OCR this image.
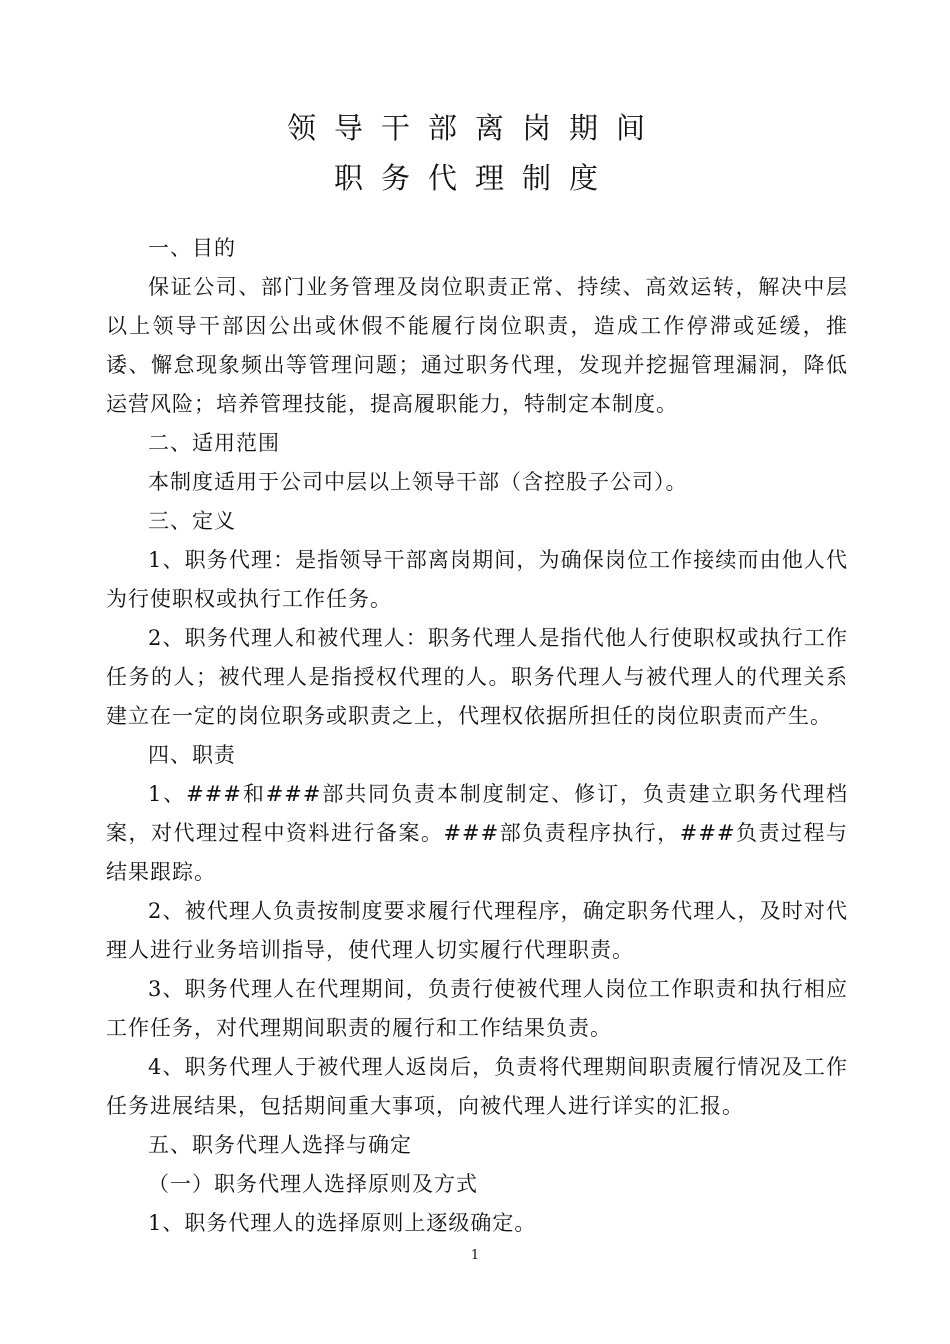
领导干部离岗期间
职务代理制度

一、目的

保证公司、部门业务管理及岗位职责正常、持续、高效运转，解决中层以上领导干部因公出或休假不能履行岗位职责，造成工作停滞或延缓，推诿、懈怠现象频出等管理问题；通过职务代理，发现并挖掘管理漏洞，降低运营风险；培养管理技能，提高履职能力，特制定本制度。

二、适用范围

本制度适用于公司中层以上领导干部（含控股子公司）。

三、定义

1、职务代理：是指领导干部离岗期间，为确保岗位工作接续而由他人代为行使职权或执行工作任务。

2、职务代理人和被代理人：职务代理人是指代他人行使职权或执行工作任务的人；被代理人是指授权代理的人。职务代理人与被代理人的代理关系建立在一定的岗位职务或职责之上，代理权依据所担任的岗位职责而产生。

四、职责

1、###和###部共同负责本制度制定、修订，负责建立职务代理档案，对代理过程中资料进行备案。###部负责程序执行，###负责过程与结果跟踪。

2、被代理人负责按制度要求履行代理程序，确定职务代理人，及时对代理人进行业务培训指导，使代理人切实履行代理职责。

3、职务代理人在代理期间，负责行使被代理人岗位工作职责和执行相应工作任务，对代理期间职责的履行和工作结果负责。

4、职务代理人于被代理人返岗后，负责将代理期间职责履行情况及工作任务进展结果，包括期间重大事项，向被代理人进行详实的汇报。

五、职务代理人选择与确定

（一）职务代理人选择原则及方式

1、职务代理人的选择原则上逐级确定。

1
